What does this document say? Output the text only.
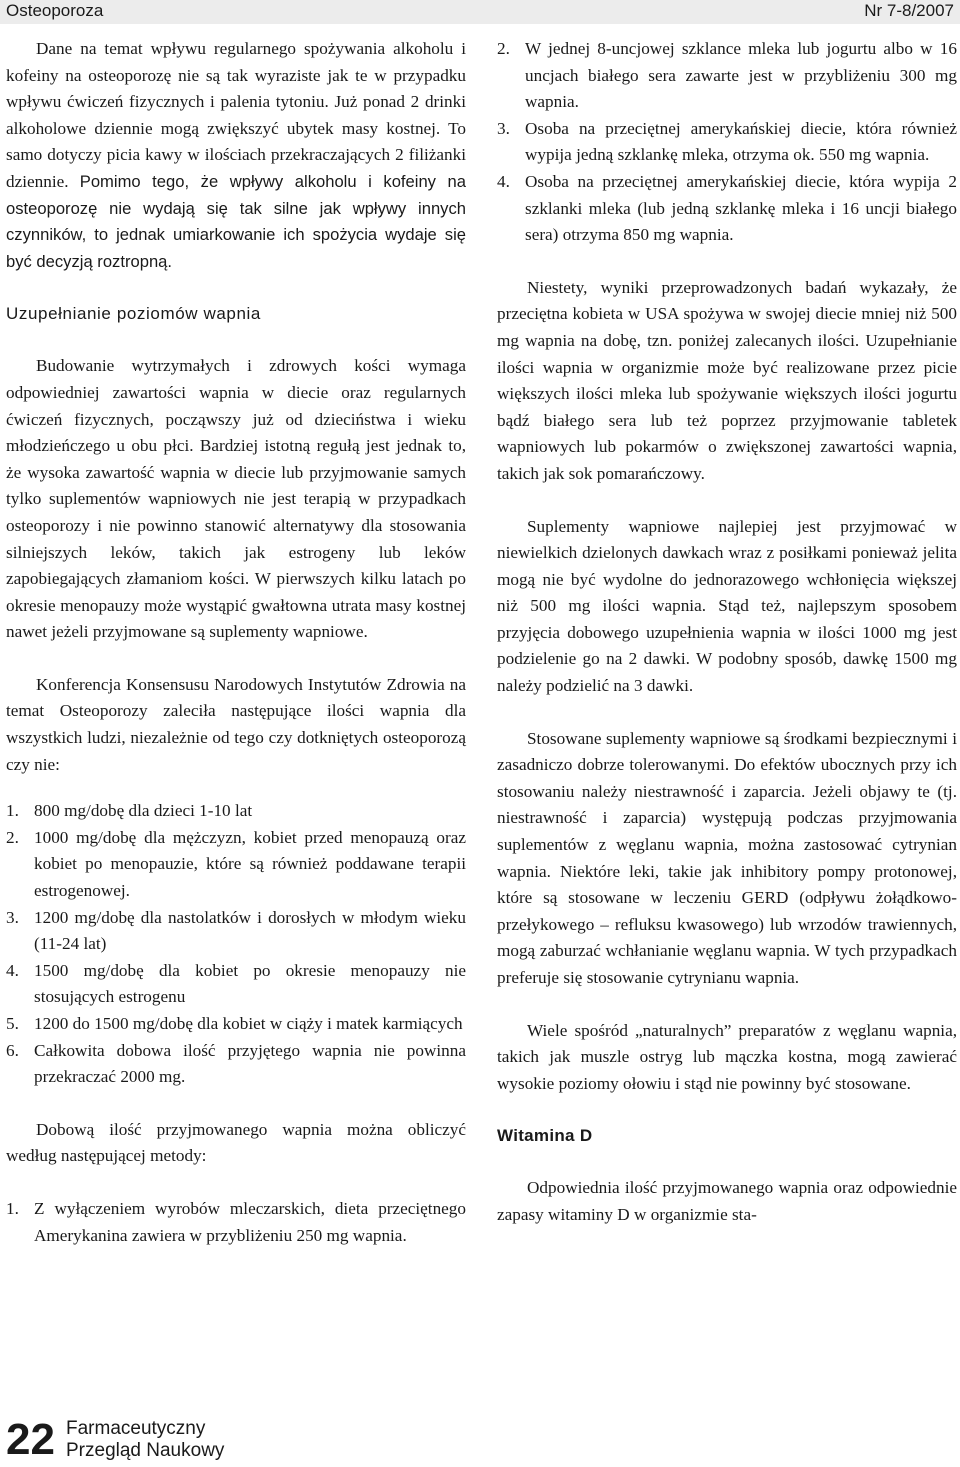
Osteoporoza	Nr 7-8/2007

Dane na temat wpływu regularnego spożywania alkoholu i kofeiny na osteoporozę nie są tak wyraziste jak te w przypadku wpływu ćwiczeń fizycznych i palenia tytoniu. Już ponad 2 drinki alkoholowe dziennie mogą zwiększyć ubytek masy kostnej. To samo dotyczy picia kawy w ilościach przekraczających 2 filiżanki dziennie. Pomimo tego, że wpływy alkoholu i kofeiny na osteoporozę nie wydają się tak silne jak wpływy innych czynników, to jednak umiarkowanie ich spożycia wydaje się być decyzją roztropną.

Uzupełnianie poziomów wapnia

Budowanie wytrzymałych i zdrowych kości wymaga odpowiedniej zawartości wapnia w diecie oraz regularnych ćwiczeń fizycznych, począwszy już od dzieciństwa i wieku młodzieńczego u obu płci. Bardziej istotną regułą jest jednak to, że wysoka zawartość wapnia w diecie lub przyjmowanie samych tylko suplementów wapniowych nie jest terapią w przypadkach osteoporozy i nie powinno stanowić alternatywy dla stosowania silniejszych leków, takich jak estrogeny lub leków zapobiegających złamaniom kości. W pierwszych kilku latach po okresie menopauzy może wystąpić gwałtowna utrata masy kostnej nawet jeżeli przyjmowane są suplementy wapniowe.

Konferencja Konsensusu Narodowych Instytutów Zdrowia na temat Osteoporozy zaleciła następujące ilości wapnia dla wszystkich ludzi, niezależnie od tego czy dotkniętych osteoporozą czy nie:

1. 800 mg/dobę dla dzieci 1-10 lat
2. 1000 mg/dobę dla mężczyzn, kobiet przed menopauzą oraz kobiet po menopauzie, które są również poddawane terapii estrogenowej.
3. 1200 mg/dobę dla nastolatków i dorosłych w młodym wieku (11-24 lat)
4. 1500 mg/dobę dla kobiet po okresie menopauzy nie stosujących estrogenu
5. 1200 do 1500 mg/dobę dla kobiet w ciąży i matek karmiących
6. Całkowita dobowa ilość przyjętego wapnia nie powinna przekraczać 2000 mg.

Dobową ilość przyjmowanego wapnia można obliczyć według następującej metody:

1. Z wyłączeniem wyrobów mleczarskich, dieta przeciętnego Amerykanina zawiera w przybliżeniu 250 mg wapnia.
2. W jednej 8-uncjowej szklance mleka lub jogurtu albo w 16 uncjach białego sera zawarte jest w przybliżeniu 300 mg wapnia.
3. Osoba na przeciętnej amerykańskiej diecie, która również wypija jedną szklankę mleka, otrzyma ok. 550 mg wapnia.
4. Osoba na przeciętnej amerykańskiej diecie, która wypija 2 szklanki mleka (lub jedną szklankę mleka i 16 uncji białego sera) otrzyma 850 mg wapnia.

Niestety, wyniki przeprowadzonych badań wykazały, że przeciętna kobieta w USA spożywa w swojej diecie mniej niż 500 mg wapnia na dobę, tzn. poniżej zalecanych ilości. Uzupełnianie ilości wapnia w organizmie może być realizowane przez picie większych ilości mleka lub spożywanie większych ilości jogurtu bądź białego sera lub też poprzez przyjmowanie tabletek wapniowych lub pokarmów o zwiększonej zawartości wapnia, takich jak sok pomarańczowy.

Suplementy wapniowe najlepiej jest przyjmować w niewielkich dzielonych dawkach wraz z posiłkami ponieważ jelita mogą nie być wydolne do jednorazowego wchłonięcia większej niż 500 mg ilości wapnia. Stąd też, najlepszym sposobem przyjęcia dobowego uzupełnienia wapnia w ilości 1000 mg jest podzielenie go na 2 dawki. W podobny sposób, dawkę 1500 mg należy podzielić na 3 dawki.

Stosowane suplementy wapniowe są środkami bezpiecznymi i zasadniczo dobrze tolerowanymi. Do efektów ubocznych przy ich stosowaniu należy niestrawność i zaparcia. Jeżeli objawy te (tj. niestrawność i zaparcia) występują podczas przyjmowania suplementów z węglanu wapnia, można zastosować cytrynian wapnia. Niektóre leki, takie jak inhibitory pompy protonowej, które są stosowane w leczeniu GERD (odpływu żołądkowo-przełykowego – refluksu kwasowego) lub wrzodów trawiennych, mogą zaburzać wchłanianie węglanu wapnia. W tych przypadkach preferuje się stosowanie cytrynianu wapnia.

Wiele spośród „naturalnych” preparatów z węglanu wapnia, takich jak muszle ostryg lub mączka kostna, mogą zawierać wysokie poziomy ołowiu i stąd nie powinny być stosowane.

Witamina D

Odpowiednia ilość przyjmowanego wapnia oraz odpowiednie zapasy witaminy D w organizmie sta-

22 Farmaceutyczny
Przegląd Naukowy
